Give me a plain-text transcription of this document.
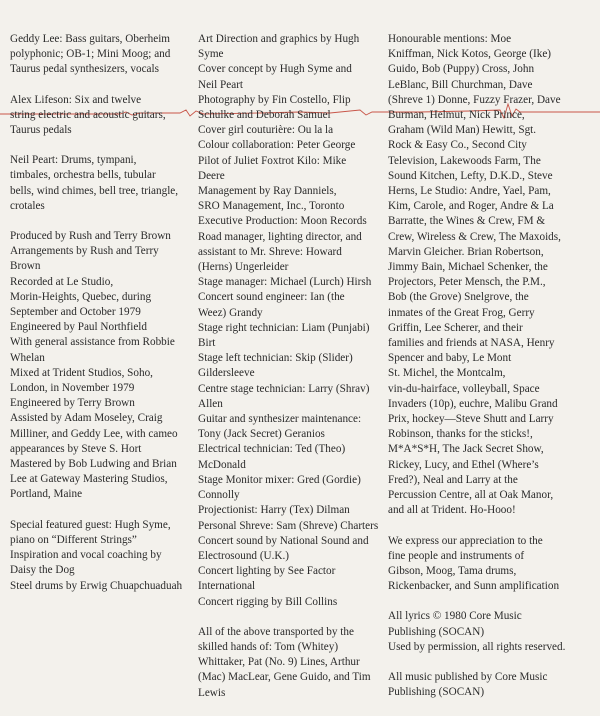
Geddy Lee: Bass guitars, Oberheim
polyphonic; OB-1; Mini Moog; and
Taurus pedal synthesizers, vocals
Alex Lifeson: Six and twelve
string electric and acoustic guitars,
Taurus pedals
Neil Peart: Drums, tympani,
timbales, orchestra bells, tubular
bells, wind chimes, bell tree, triangle,
crotales
Produced by Rush and Terry Brown
Arrangements by Rush and Terry
Brown
Recorded at Le Studio,
Morin-Heights, Quebec, during
September and October 1979
Engineered by Paul Northfield
With general assistance from Robbie
Whelan
Mixed at Trident Studios, Soho,
London, in November 1979
Engineered by Terry Brown
Assisted by Adam Moseley, Craig
Milliner, and Geddy Lee, with cameo
appearances by Steve S. Hort
Mastered by Bob Ludwing and Brian
Lee at Gateway Mastering Studios,
Portland, Maine
Special featured guest: Hugh Syme,
piano on “Different Strings”
Inspiration and vocal coaching by
Daisy the Dog
Steel drums by Erwig Chuapchuaduah
Art Direction and graphics by Hugh
Syme
Cover concept by Hugh Syme and
Neil Peart
Photography by Fin Costello, Flip
Schulke and Deborah Samuel
Cover girl couturière: Ou la la
Colour collaboration: Peter George
Pilot of Juliet Foxtrot Kilo: Mike
Deere
Management by Ray Danniels,
SRO Management, Inc., Toronto
Executive Production: Moon Records
Road manager, lighting director, and
assistant to Mr. Shreve: Howard
(Herns) Ungerleider
Stage manager: Michael (Lurch) Hirsh
Concert sound engineer: Ian (the
Weez) Grandy
Stage right technician: Liam (Punjabi)
Birt
Stage left technician: Skip (Slider)
Gildersleeve
Centre stage technician: Larry (Shrav)
Allen
Guitar and synthesizer maintenance:
Tony (Jack Secret) Geranios
Electrical technician: Ted (Theo)
McDonald
Stage Monitor mixer: Gred (Gordie)
Connolly
Projectionist: Harry (Tex) Dilman
Personal Shreve: Sam (Shreve) Charters
Concert sound by National Sound and
Electrosound (U.K.)
Concert lighting by See Factor
International
Concert rigging by Bill Collins
All of the above transported by the
skilled hands of: Tom (Whitey)
Whittaker, Pat (No. 9) Lines, Arthur
(Mac) MacLear, Gene Guido, and Tim
Lewis
Honourable mentions: Moe
Kniffman, Nick Kotos, George (Ike)
Guido, Bob (Puppy) Cross, John
LeBlanc, Bill Churchman, Dave
(Shreve 1) Donne, Fuzzy Frazer, Dave
Burman, Helmut, Nick Prince,
Graham (Wild Man) Hewitt, Sgt.
Rock & Easy Co., Second City
Television, Lakewoods Farm, The
Sound Kitchen, Lefty, D.K.D., Steve
Herns, Le Studio: Andre, Yael, Pam,
Kim, Carole, and Roger, Andre & La
Barratte, the Wines & Crew, FM &
Crew, Wireless & Crew, The Maxoids,
Marvin Gleicher. Brian Robertson,
Jimmy Bain, Michael Schenker, the
Projectors, Peter Mensch, the P.M.,
Bob (the Grove) Snelgrove, the
inmates of the Great Frog, Gerry
Griffin, Lee Scherer, and their
families and friends at NASA, Henry
Spencer and baby, Le Mont
St. Michel, the Montcalm,
vin-du-hairface, volleyball, Space
Invaders (10p), euchre, Malibu Grand
Prix, hockey—Steve Shutt and Larry
Robinson, thanks for the sticks!,
M*A*S*H, The Jack Secret Show,
Rickey, Lucy, and Ethel (Where’s
Fred?), Neal and Larry at the
Percussion Centre, all at Oak Manor,
and all at Trident. Ho-Hooo!
We express our appreciation to the
fine people and instruments of
Gibson, Moog, Tama drums,
Rickenbacker, and Sunn amplification
All lyrics © 1980 Core Music
Publishing (SOCAN)
Used by permission, all rights reserved.
All music published by Core Music
Publishing (SOCAN)
